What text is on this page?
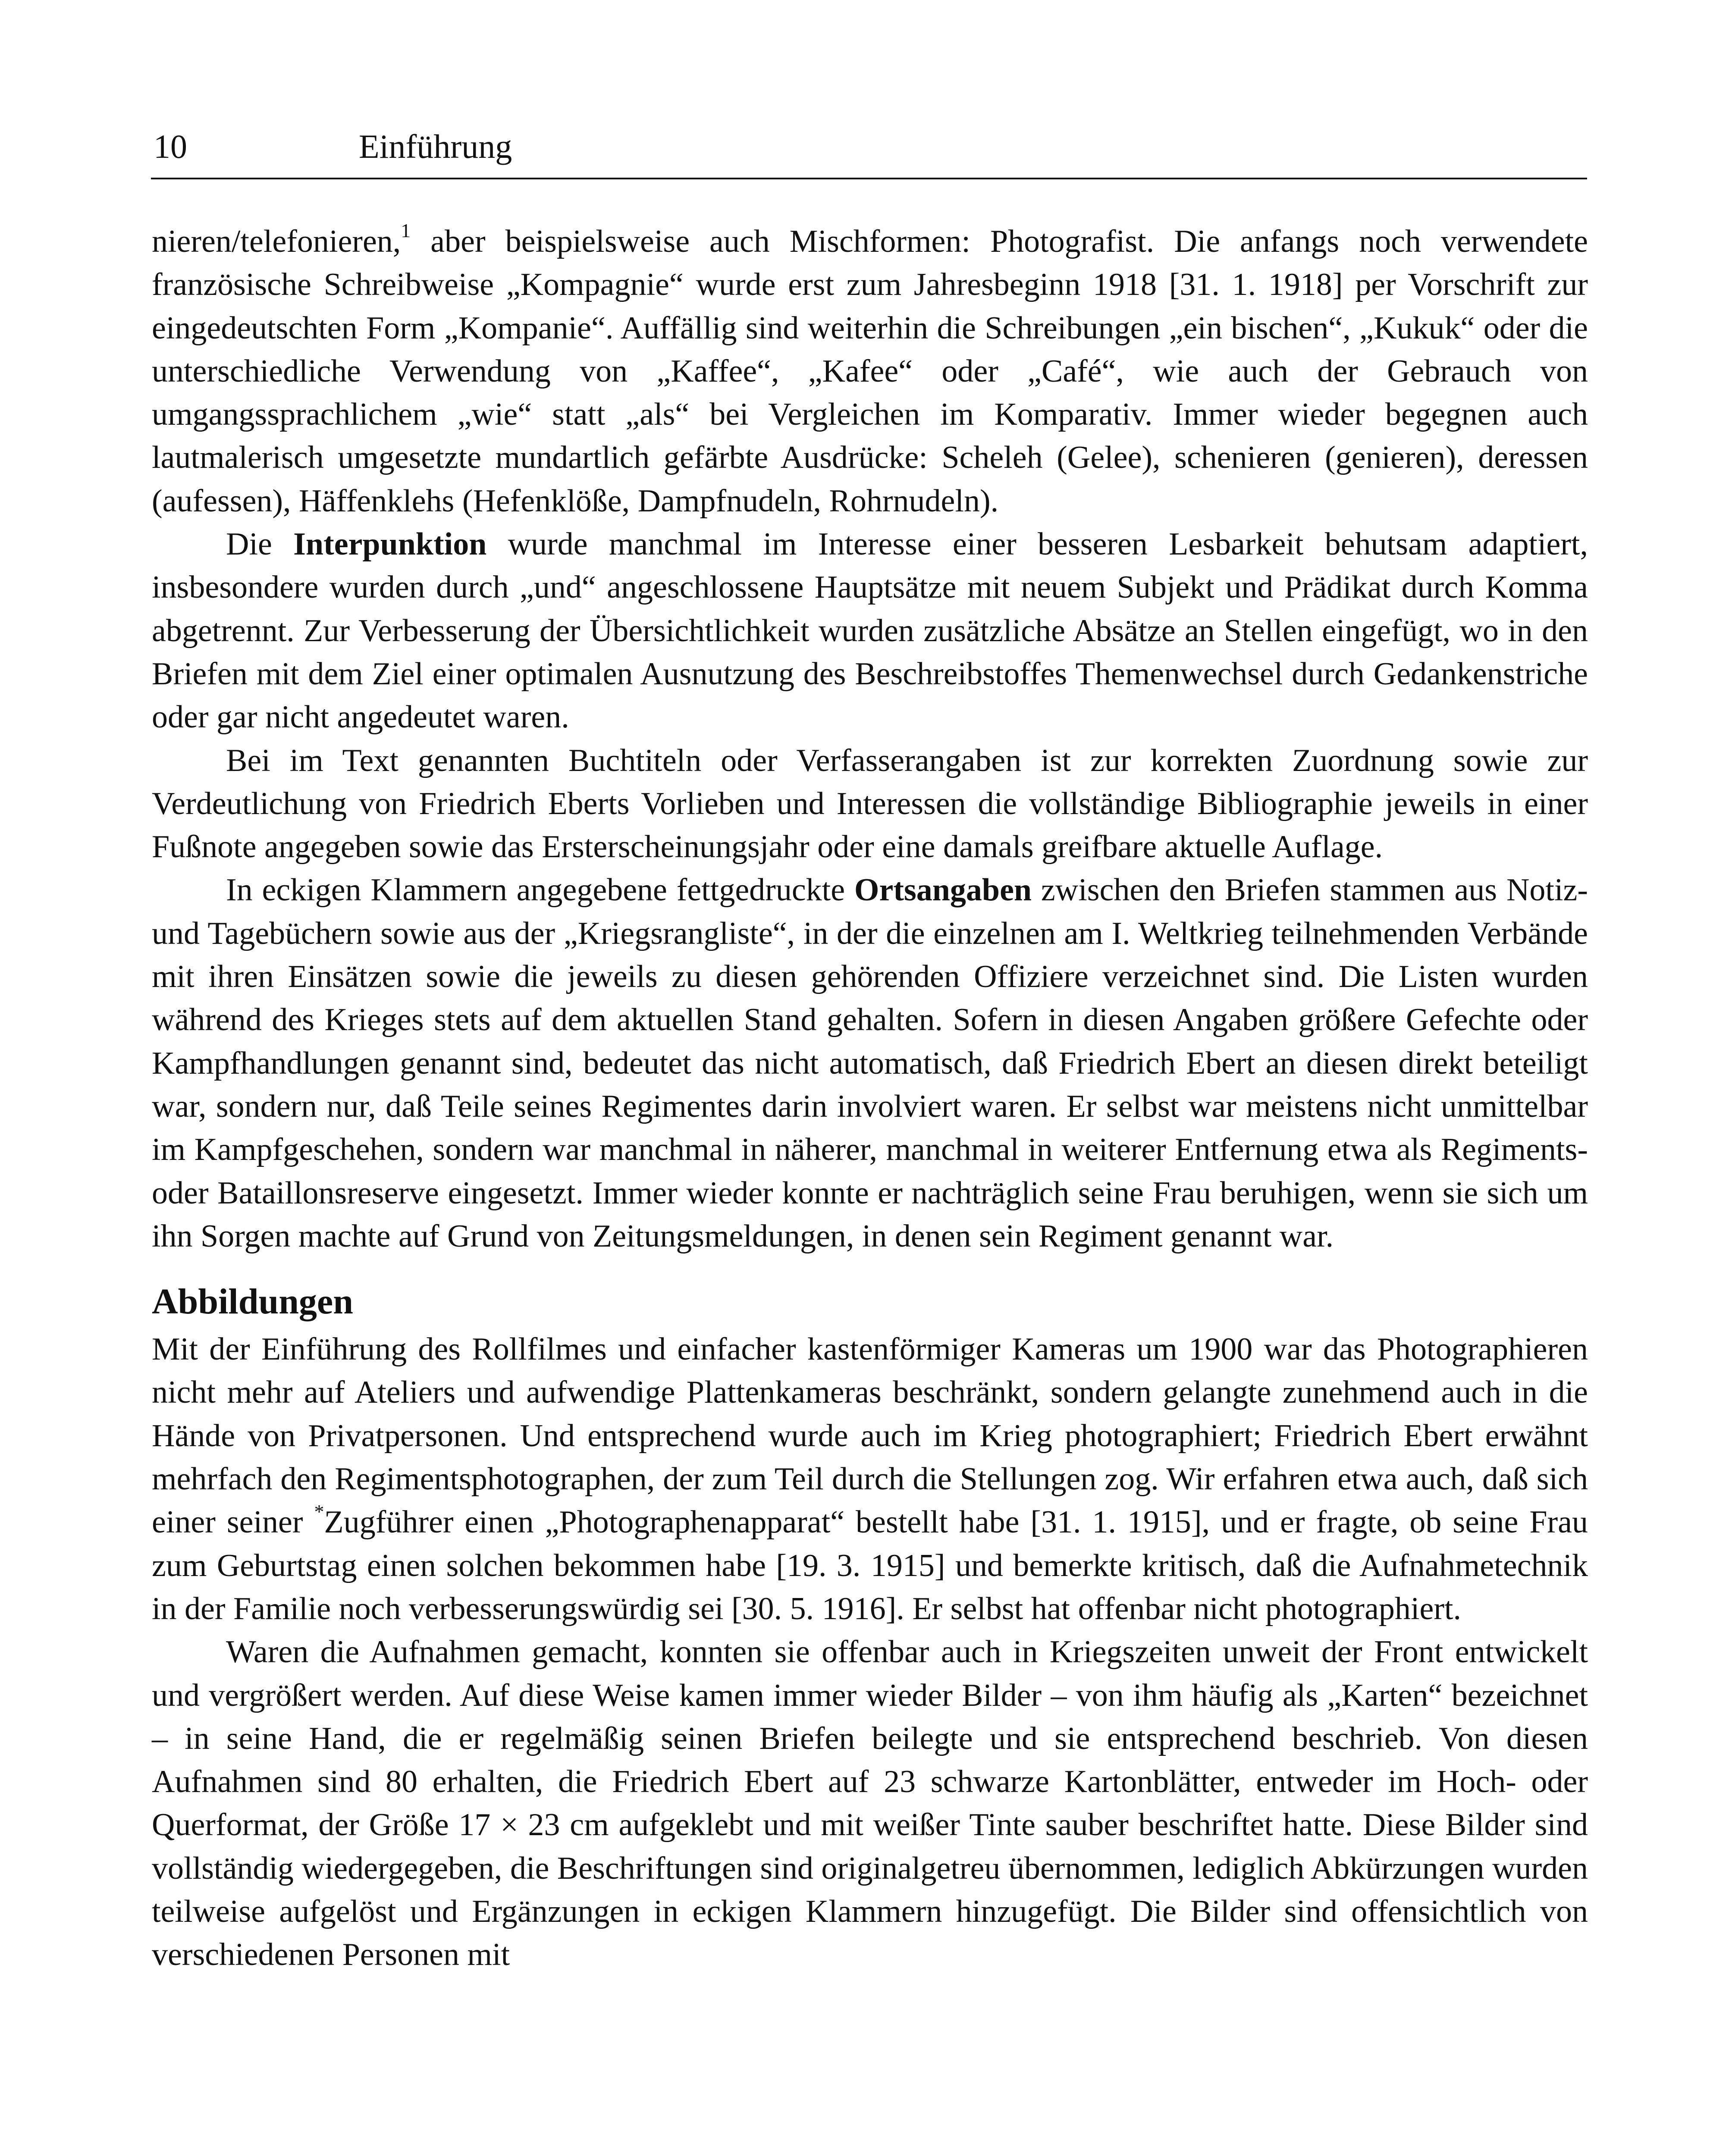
10	Einführung

nieren/telefonieren,$^1$ aber beispielsweise auch Mischformen: Photografist. Die anfangs noch verwendete französische Schreibweise „Kompagnie“ wurde erst zum Jahresbeginn 1918 [31. 1. 1918] per Vorschrift zur eingedeutschten Form „Kompanie“. Auffällig sind weiterhin die Schreibungen „ein bischen“, „Kukuk“ oder die unterschiedliche Verwendung von „Kaffee“, „Kafee“ oder „Café“, wie auch der Gebrauch von umgangssprachlichem „wie“ statt „als“ bei Vergleichen im Komparativ. Immer wieder begegnen auch lautmalerisch umgesetzte mundartlich gefärbte Ausdrücke: Scheleh (Gelee), schenieren (genieren), deressen (aufessen), Häffenklehs (Hefenklöße, Dampfnudeln, Rohrnudeln).

Die Interpunktion wurde manchmal im Interesse einer besseren Lesbarkeit behutsam adaptiert, insbesondere wurden durch „und“ angeschlossene Hauptsätze mit neuem Subjekt und Prädikat durch Komma abgetrennt. Zur Verbesserung der Übersichtlichkeit wurden zusätzliche Absätze an Stellen eingefügt, wo in den Briefen mit dem Ziel einer optimalen Ausnutzung des Beschreibstoffes Themenwechsel durch Gedankenstriche oder gar nicht angedeutet waren.

Bei im Text genannten Buchtiteln oder Verfasserangaben ist zur korrekten Zuordnung sowie zur Verdeutlichung von Friedrich Eberts Vorlieben und Interessen die vollständige Bibliographie jeweils in einer Fußnote angegeben sowie das Ersterscheinungsjahr oder eine damals greifbare aktuelle Auflage.

In eckigen Klammern angegebene fettgedruckte Ortsangaben zwischen den Briefen stammen aus Notiz- und Tagebüchern sowie aus der „Kriegsrangliste“, in der die einzelnen am I. Weltkrieg teilnehmenden Verbände mit ihren Einsätzen sowie die jeweils zu diesen gehörenden Offiziere verzeichnet sind. Die Listen wurden während des Krieges stets auf dem aktuellen Stand gehalten. Sofern in diesen Angaben größere Gefechte oder Kampfhandlungen genannt sind, bedeutet das nicht automatisch, daß Friedrich Ebert an diesen direkt beteiligt war, sondern nur, daß Teile seines Regimentes darin involviert waren. Er selbst war meistens nicht unmittelbar im Kampfgeschehen, sondern war manchmal in näherer, manchmal in weiterer Entfernung etwa als Regiments- oder Bataillonsreserve eingesetzt. Immer wieder konnte er nachträglich seine Frau beruhigen, wenn sie sich um ihn Sorgen machte auf Grund von Zeitungsmeldungen, in denen sein Regiment genannt war.

Abbildungen

Mit der Einführung des Rollfilmes und einfacher kastenförmiger Kameras um 1900 war das Photographieren nicht mehr auf Ateliers und aufwendige Plattenkameras beschränkt, sondern gelangte zunehmend auch in die Hände von Privatpersonen. Und entsprechend wurde auch im Krieg photographiert; Friedrich Ebert erwähnt mehrfach den Regimentsphotographen, der zum Teil durch die Stellungen zog. Wir erfahren etwa auch, daß sich einer seiner *Zugführer einen „Photographenapparat“ bestellt habe [31. 1. 1915], und er fragte, ob seine Frau zum Geburtstag einen solchen bekommen habe [19. 3. 1915] und bemerkte kritisch, daß die Aufnahmetechnik in der Familie noch verbesserungswürdig sei [30. 5. 1916]. Er selbst hat offenbar nicht photographiert.

Waren die Aufnahmen gemacht, konnten sie offenbar auch in Kriegszeiten unweit der Front entwickelt und vergrößert werden. Auf diese Weise kamen immer wieder Bilder – von ihm häufig als „Karten“ bezeichnet – in seine Hand, die er regelmäßig seinen Briefen beilegte und sie entsprechend beschrieb. Von diesen Aufnahmen sind 80 erhalten, die Friedrich Ebert auf 23 schwarze Kartonblätter, entweder im Hoch- oder Querformat, der Größe 17 × 23 cm aufgeklebt und mit weißer Tinte sauber beschriftet hatte. Diese Bilder sind vollständig wiedergegeben, die Beschriftungen sind originalgetreu übernommen, lediglich Abkürzungen wurden teilweise aufgelöst und Ergänzungen in eckigen Klammern hinzugefügt. Die Bilder sind offensichtlich von verschiedenen Personen mit
